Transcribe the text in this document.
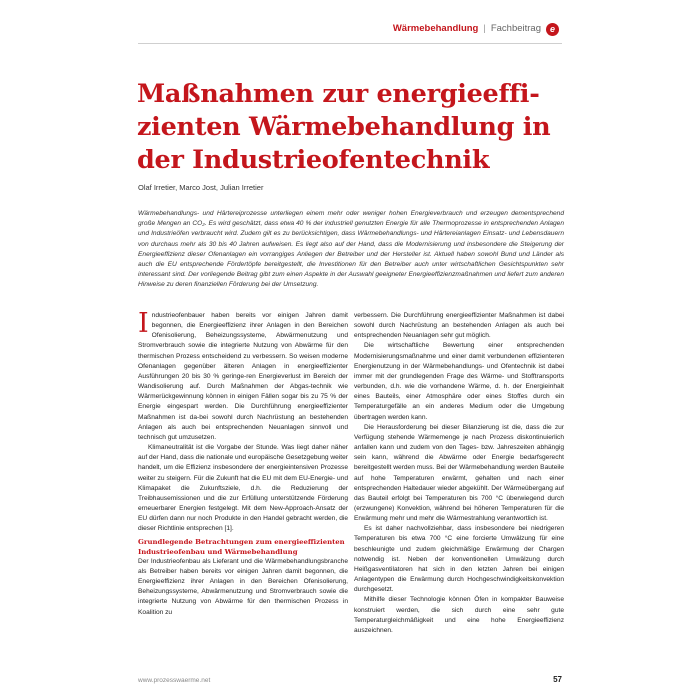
Wärmebehandlung | Fachbeitrag e
Maßnahmen zur energieeffi-
zienten Wärmebehandlung in
der Industrieofentechnik
Olaf Irretier, Marco Jost, Julian Irretier

Wärmebehandlungs- und Härtereiprozesse unterliegen einem mehr oder weniger hohen Energieverbrauch und erzeugen dementsprechend große Mengen an CO₂. Es wird geschätzt, dass etwa 40 % der industriell genutzten Energie für alle Thermoprozesse in entsprechenden Anlagen und Industrieöfen verbraucht wird. Zudem gilt es zu berücksichtigen, dass Wärmebehandlungs- und Härtereianlagen Einsatz- und Lebensdauern von durchaus mehr als 30 bis 40 Jahren aufweisen. Es liegt also auf der Hand, dass die Modernisierung und insbesondere die Steigerung der Energieeffizienz dieser Ofenanlagen ein vorrangiges Anliegen der Betreiber und der Hersteller ist. Aktuell haben sowohl Bund und Länder als auch die EU entsprechende Fördertöpfe bereitgestellt, die Investitionen für den Betreiber auch unter wirtschaftlichen Gesichtspunkten sehr interessant sind. Der vorliegende Beitrag gibt zum einen Aspekte in der Auswahl geeigneter Energieeffizienzmaßnahmen und liefert zum anderen Hinweise zu deren finanziellen Förderung bei der Umsetzung.

Industrieofenbauer haben bereits vor einigen Jahren damit begonnen, die Energieeffizienz ihrer Anlagen in den Bereichen Ofenisolierung, Beheizungssysteme, Abwärmenutzung und Stromverbrauch sowie die integrierte Nutzung von Abwärme für den thermischen Prozess entscheidend zu verbessern. So weisen moderne Ofenanlagen gegenüber älteren Anlagen in energieeffizienter Ausführungen 20 bis 30 % geringe-ren Energieverlust im Bereich der Wandisolierung auf. Durch Maßnahmen der Abgas-technik wie Wärmerückgewinnung können in einigen Fällen sogar bis zu 75 % der Energie eingespart werden. Die Durchführung energieeffizienter Maßnahmen ist da-bei sowohl durch Nachrüstung an bestehenden Anlagen als auch bei entsprechenden Neuanlagen sinnvoll und technisch gut umzusetzen.

Klimaneutralität ist die Vorgabe der Stunde. Was liegt daher näher auf der Hand, dass die nationale und europäische Gesetzgebung weiter handelt, um die Effizienz insbesondere der energieintensiven Prozesse weiter zu steigern. Für die Zukunft hat die EU mit dem EU-Energie- und Klimapaket die Zukunftsziele, d.h. die Reduzierung der Treibhausemissionen und die zur Erfüllung unterstützende Förderung erneuerbarer Energien festgelegt. Mit dem New-Approach-Ansatz der EU dürfen dann nur noch Produkte in den Handel gebracht werden, die dieser Richtlinie entsprechen [1].

Grundlegende Betrachtungen zum energieeffizienten Industrieofenbau und Wärmebehandlung

Der Industrieofenbau als Lieferant und die Wärmebehandlungsbranche als Betreiber haben bereits vor einigen Jahren damit begonnen, die Energieeffizienz ihrer Anlagen in den Bereichen Ofenisolierung, Beheizungssysteme, Abwärmenutzung und Stromverbrauch sowie die integrierte Nutzung von Abwärme für den thermischen Prozess in Koalition zu

verbessern. Die Durchführung energieeffizienter Maßnahmen ist dabei sowohl durch Nachrüstung an bestehenden Anlagen als auch bei entsprechenden Neuanlagen sehr gut möglich.

Die wirtschaftliche Bewertung einer entsprechenden Modernisierungsmaßnahme und einer damit verbundenen effizienteren Energienutzung in der Wärmebehandlungs- und Ofentechnik ist dabei immer mit der grundlegenden Frage des Wärme- und Stofftransports verbunden, d.h. wie die vorhandene Wärme, d. h. der Energieinhalt eines Bauteils, einer Atmosphäre oder eines Stoffes durch ein Temperaturgefälle an ein anderes Medium oder die Umgebung übertragen werden kann.

Die Herausforderung bei dieser Bilanzierung ist die, dass die zur Verfügung stehende Wärmemenge je nach Prozess diskontinuierlich anfallen kann und zudem von den Tages- bzw. Jahreszeiten abhängig sein kann, während die Abwärme oder Energie bedarfsgerecht bereitgestellt werden muss. Bei der Wärmebehandlung werden Bauteile auf hohe Temperaturen erwärmt, gehalten und nach einer entsprechenden Haltedauer wieder abgekühlt. Der Wärmeübergang auf das Bauteil erfolgt bei Temperaturen bis 700 °C überwiegend durch (erzwungene) Konvektion, während bei höheren Temperaturen für die Erwärmung mehr und mehr die Wärmestrahlung verantwortlich ist.

Es ist daher nachvollziehbar, dass insbesondere bei niedrigeren Temperaturen bis etwa 700 °C eine forcierte Umwälzung für eine beschleunigte und zudem gleichmäßige Erwärmung der Chargen notwendig ist. Neben der konventionellen Umwälzung durch Heißgasventilatoren hat sich in den letzten Jahren bei einigen Anlagentypen die Erwärmung durch Hochgeschwindigkeitskonvektion durchgesetzt.

Mithilfe dieser Technologie können Öfen in kompakter Bauweise konstruiert werden, die sich durch eine sehr gute Temperaturgleichmäßigkeit und eine hohe Energieeffizienz auszeichnen.

www.prozesswaerme.net	57
